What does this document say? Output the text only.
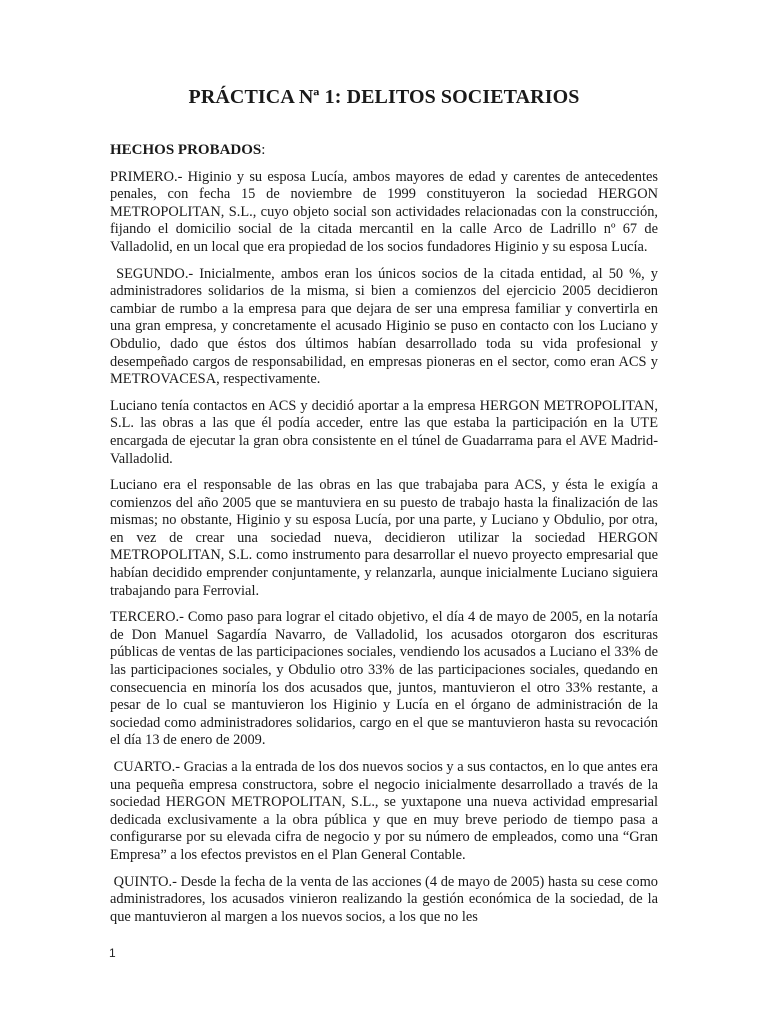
PRÁCTICA Nª 1: DELITOS SOCIETARIOS

HECHOS PROBADOS:

PRIMERO.- Higinio y su esposa Lucía, ambos mayores de edad y carentes de antecedentes penales, con fecha 15 de noviembre de 1999 constituyeron la sociedad HERGON METROPOLITAN, S.L., cuyo objeto social son actividades relacionadas con la construcción, fijando el domicilio social de la citada mercantil en la calle Arco de Ladrillo nº 67 de Valladolid, en un local que era propiedad de los socios fundadores Higinio y su esposa Lucía.

SEGUNDO.- Inicialmente, ambos eran los únicos socios de la citada entidad, al 50 %, y administradores solidarios de la misma, si bien a comienzos del ejercicio 2005 decidieron cambiar de rumbo a la empresa para que dejara de ser una empresa familiar y convertirla en una gran empresa, y concretamente el acusado Higinio se puso en contacto con los Luciano y Obdulio, dado que éstos dos últimos habían desarrollado toda su vida profesional y desempeñado cargos de responsabilidad, en empresas pioneras en el sector, como eran ACS y METROVACESA, respectivamente.

Luciano tenía contactos en ACS y decidió aportar a la empresa HERGON METROPOLITAN, S.L. las obras a las que él podía acceder, entre las que estaba la participación en la UTE encargada de ejecutar la gran obra consistente en el túnel de Guadarrama para el AVE Madrid-Valladolid.

Luciano era el responsable de las obras en las que trabajaba para ACS, y ésta le exigía a comienzos del año 2005 que se mantuviera en su puesto de trabajo hasta la finalización de las mismas; no obstante, Higinio y su esposa Lucía, por una parte, y Luciano y Obdulio, por otra, en vez de crear una sociedad nueva, decidieron utilizar la sociedad HERGON METROPOLITAN, S.L. como instrumento para desarrollar el nuevo proyecto empresarial que habían decidido emprender conjuntamente, y relanzarla, aunque inicialmente Luciano siguiera trabajando para Ferrovial.

TERCERO.- Como paso para lograr el citado objetivo, el día 4 de mayo de 2005, en la notaría de Don Manuel Sagardía Navarro, de Valladolid, los acusados otorgaron dos escrituras públicas de ventas de las participaciones sociales, vendiendo los acusados a Luciano el 33% de las participaciones sociales, y Obdulio otro 33% de las participaciones sociales, quedando en consecuencia en minoría los dos acusados que, juntos, mantuvieron el otro 33% restante, a pesar de lo cual se mantuvieron los Higinio y Lucía en el órgano de administración de la sociedad como administradores solidarios, cargo en el que se mantuvieron hasta su revocación el día 13 de enero de 2009.

CUARTO.- Gracias a la entrada de los dos nuevos socios y a sus contactos, en lo que antes era una pequeña empresa constructora, sobre el negocio inicialmente desarrollado a través de la sociedad HERGON METROPOLITAN, S.L., se yuxtapone una nueva actividad empresarial dedicada exclusivamente a la obra pública y que en muy breve periodo de tiempo pasa a configurarse por su elevada cifra de negocio y por su número de empleados, como una “Gran Empresa” a los efectos previstos en el Plan General Contable.

QUINTO.- Desde la fecha de la venta de las acciones (4 de mayo de 2005) hasta su cese como administradores, los acusados vinieron realizando la gestión económica de la sociedad, de la que mantuvieron al margen a los nuevos socios, a los que no les

1
